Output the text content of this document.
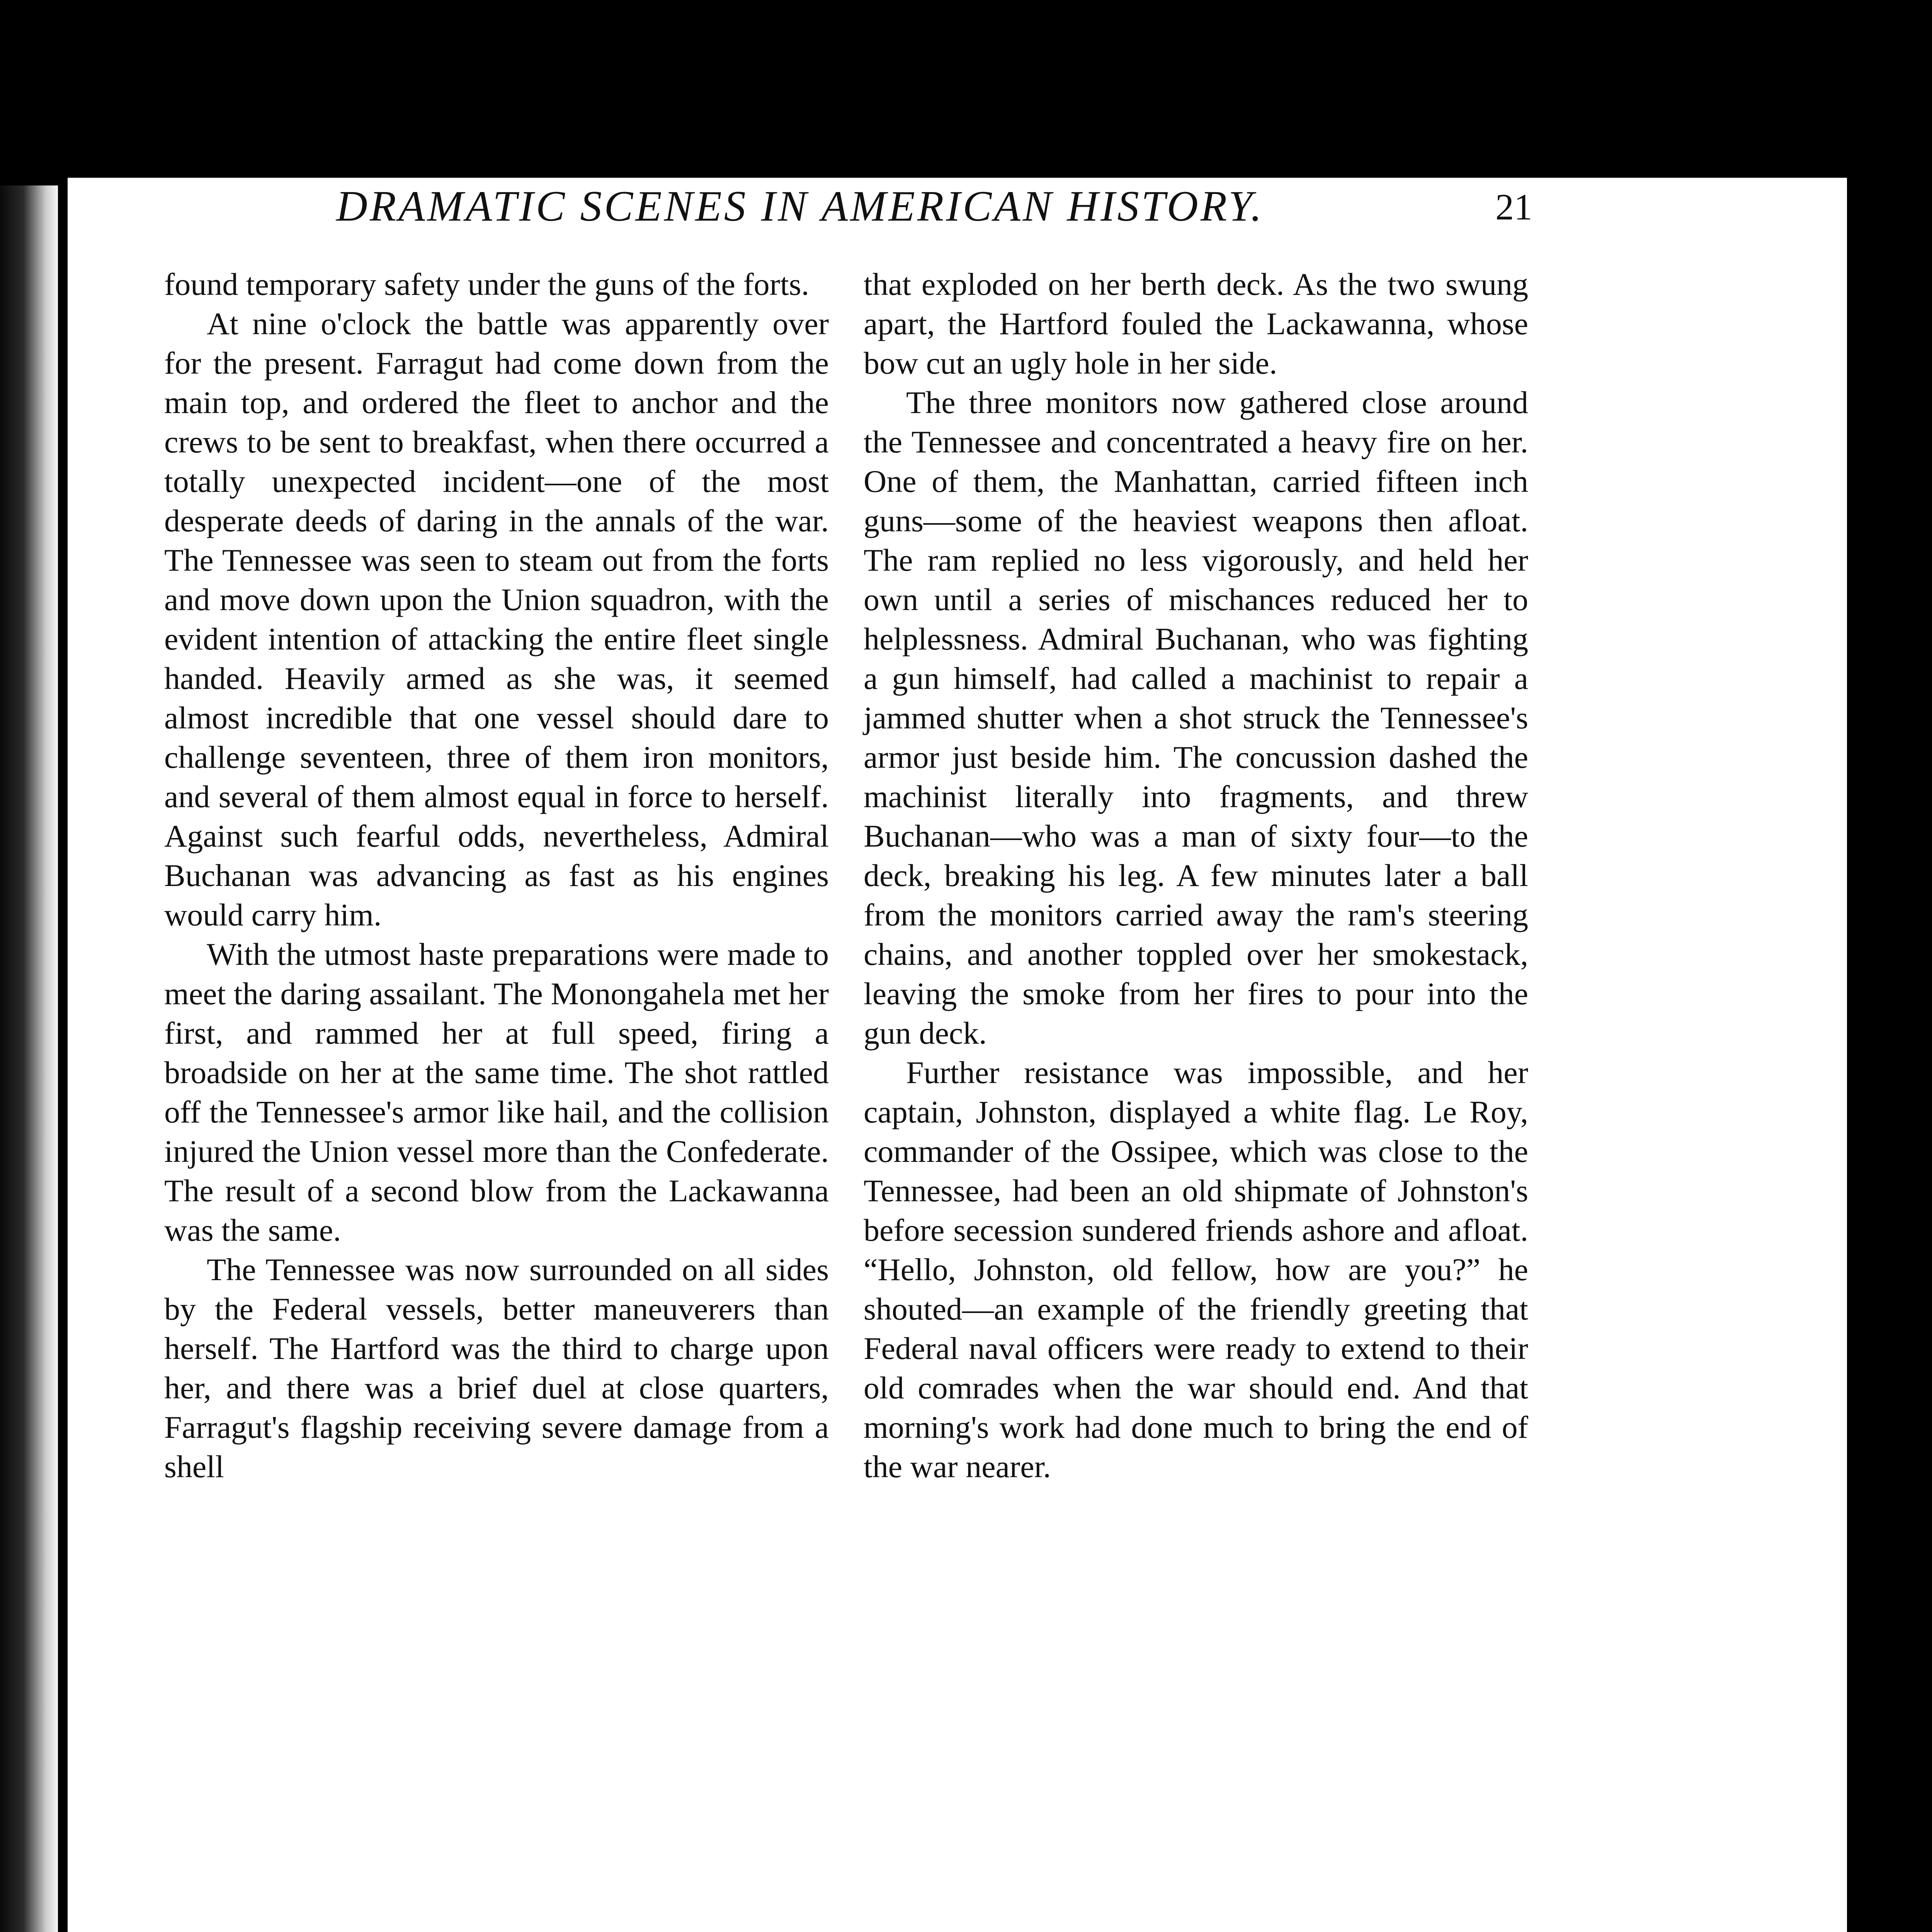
DRAMATIC SCENES IN AMERICAN HISTORY.	21

found temporary safety under the guns of the forts.

At nine o'clock the battle was apparently over for the present. Farragut had come down from the main top, and ordered the fleet to anchor and the crews to be sent to breakfast, when there occurred a totally unexpected incident—one of the most desperate deeds of daring in the annals of the war. The Tennessee was seen to steam out from the forts and move down upon the Union squadron, with the evident intention of attacking the entire fleet single handed. Heavily armed as she was, it seemed almost incredible that one vessel should dare to challenge seventeen, three of them iron monitors, and several of them almost equal in force to herself. Against such fearful odds, nevertheless, Admiral Buchanan was advancing as fast as his engines would carry him.

With the utmost haste preparations were made to meet the daring assailant. The Monongahela met her first, and rammed her at full speed, firing a broadside on her at the same time. The shot rattled off the Tennessee's armor like hail, and the collision injured the Union vessel more than the Confederate. The result of a second blow from the Lackawanna was the same.

The Tennessee was now surrounded on all sides by the Federal vessels, better maneuverers than herself. The Hartford was the third to charge upon her, and there was a brief duel at close quarters, Farragut's flagship receiving severe damage from a shell

that exploded on her berth deck. As the two swung apart, the Hartford fouled the Lackawanna, whose bow cut an ugly hole in her side.

The three monitors now gathered close around the Tennessee and concentrated a heavy fire on her. One of them, the Manhattan, carried fifteen inch guns—some of the heaviest weapons then afloat. The ram replied no less vigorously, and held her own until a series of mischances reduced her to helplessness. Admiral Buchanan, who was fighting a gun himself, had called a machinist to repair a jammed shutter when a shot struck the Tennessee's armor just beside him. The concussion dashed the machinist literally into fragments, and threw Buchanan—who was a man of sixty four—to the deck, breaking his leg. A few minutes later a ball from the monitors carried away the ram's steering chains, and another toppled over her smokestack, leaving the smoke from her fires to pour into the gun deck.

Further resistance was impossible, and her captain, Johnston, displayed a white flag. Le Roy, commander of the Ossipee, which was close to the Tennessee, had been an old shipmate of Johnston's before secession sundered friends ashore and afloat. “Hello, Johnston, old fellow, how are you?” he shouted—an example of the friendly greeting that Federal naval officers were ready to extend to their old comrades when the war should end. And that morning's work had done much to bring the end of the war nearer.
